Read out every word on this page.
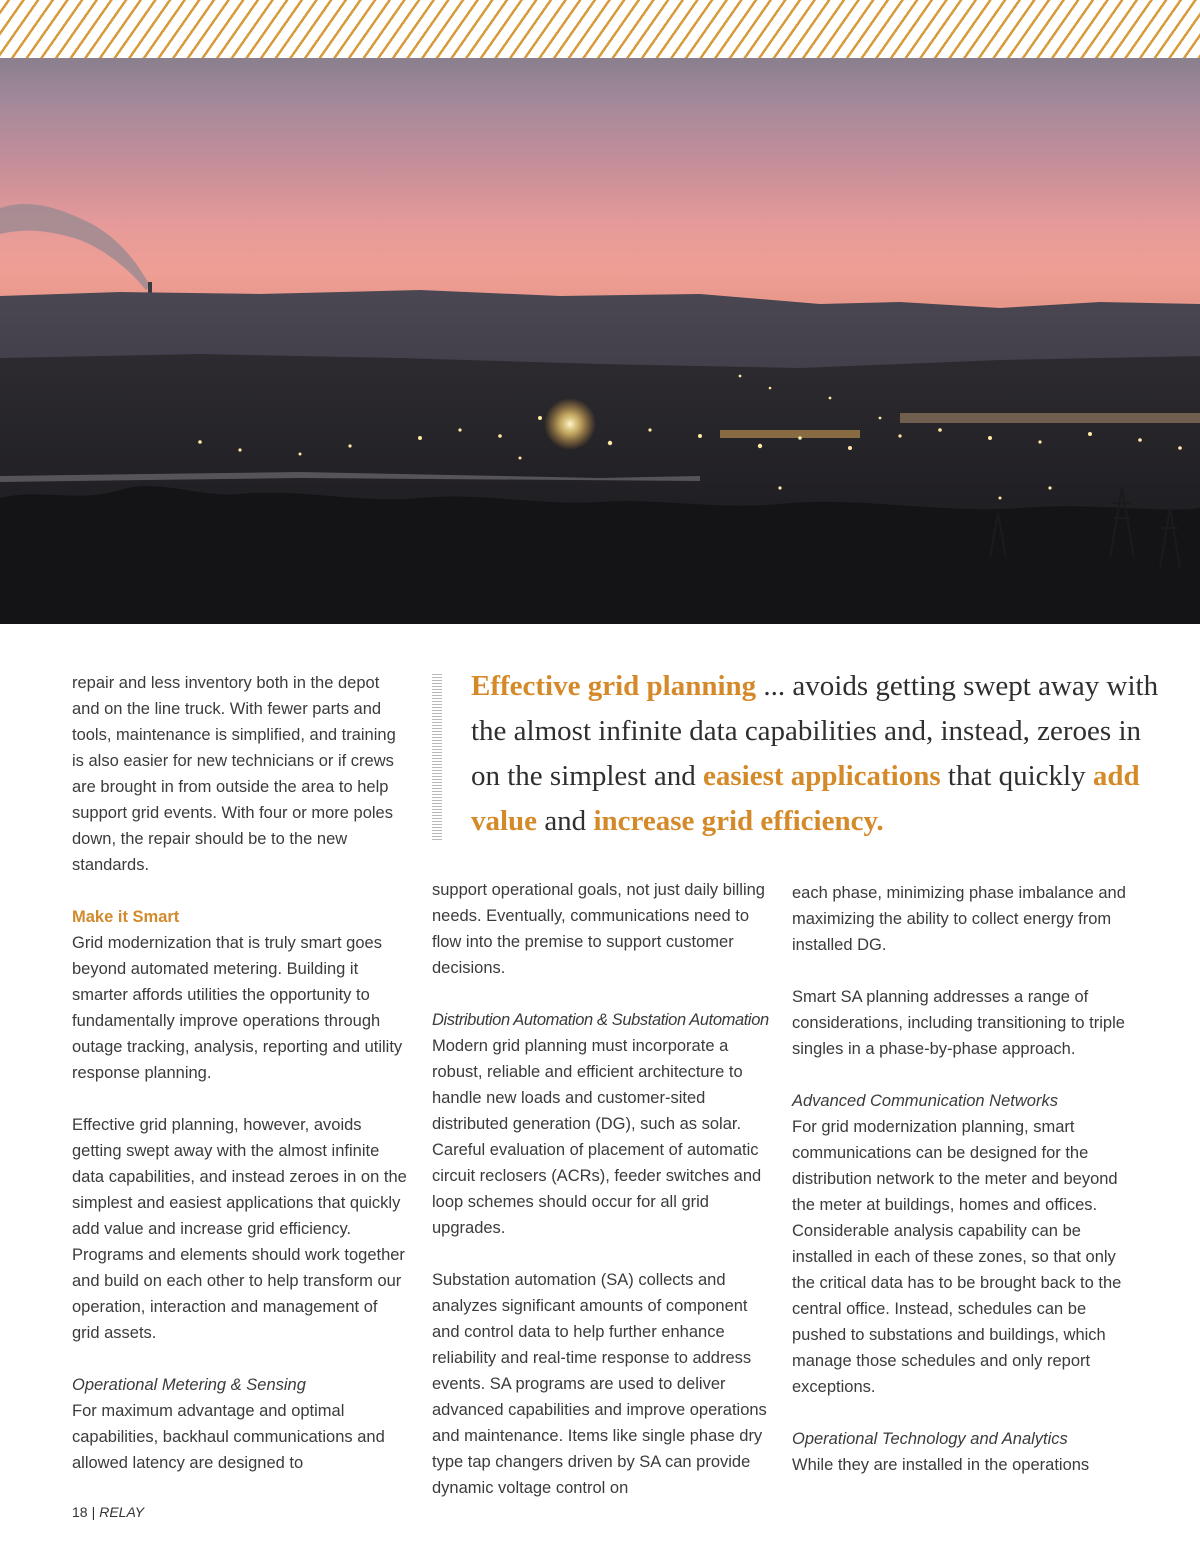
repair and less inventory both in the depot and on the line truck. With fewer parts and tools, maintenance is simplified, and training is also easier for new technicians or if crews are brought in from outside the area to help support grid events. With four or more poles down, the repair should be to the new standards.

Make it Smart

Grid modernization that is truly smart goes beyond automated metering. Building it smarter affords utilities the opportunity to fundamentally improve operations through outage tracking, analysis, reporting and utility response planning.

Effective grid planning, however, avoids getting swept away with the almost infinite data capabilities, and instead zeroes in on the simplest and easiest applications that quickly add value and increase grid efficiency. Programs and elements should work together and build on each other to help transform our operation, interaction and management of grid assets.

Operational Metering & Sensing

For maximum advantage and optimal capabilities, backhaul communications and allowed latency are designed to

Effective grid planning ... avoids getting swept away with the almost infinite data capabilities and, instead, zeroes in on the simplest and easiest applications that quickly add value and increase grid efficiency.

support operational goals, not just daily billing needs. Eventually, communications need to flow into the premise to support customer decisions.

Distribution Automation & Substation Automation

Modern grid planning must incorporate a robust, reliable and efficient architecture to handle new loads and customer-sited distributed generation (DG), such as solar. Careful evaluation of placement of automatic circuit reclosers (ACRs), feeder switches and loop schemes should occur for all grid upgrades.

Substation automation (SA) collects and analyzes significant amounts of component and control data to help further enhance reliability and real-time response to address events. SA programs are used to deliver advanced capabilities and improve operations and maintenance. Items like single phase dry type tap changers driven by SA can provide dynamic voltage control on

each phase, minimizing phase imbalance and maximizing the ability to collect energy from installed DG.

Smart SA planning addresses a range of considerations, including transitioning to triple singles in a phase-by-phase approach.

Advanced Communication Networks

For grid modernization planning, smart communications can be designed for the distribution network to the meter and beyond the meter at buildings, homes and offices. Considerable analysis capability can be installed in each of these zones, so that only the critical data has to be brought back to the central office. Instead, schedules can be pushed to substations and buildings, which manage those schedules and only report exceptions.

Operational Technology and Analytics

While they are installed in the operations

18 | RELAY
